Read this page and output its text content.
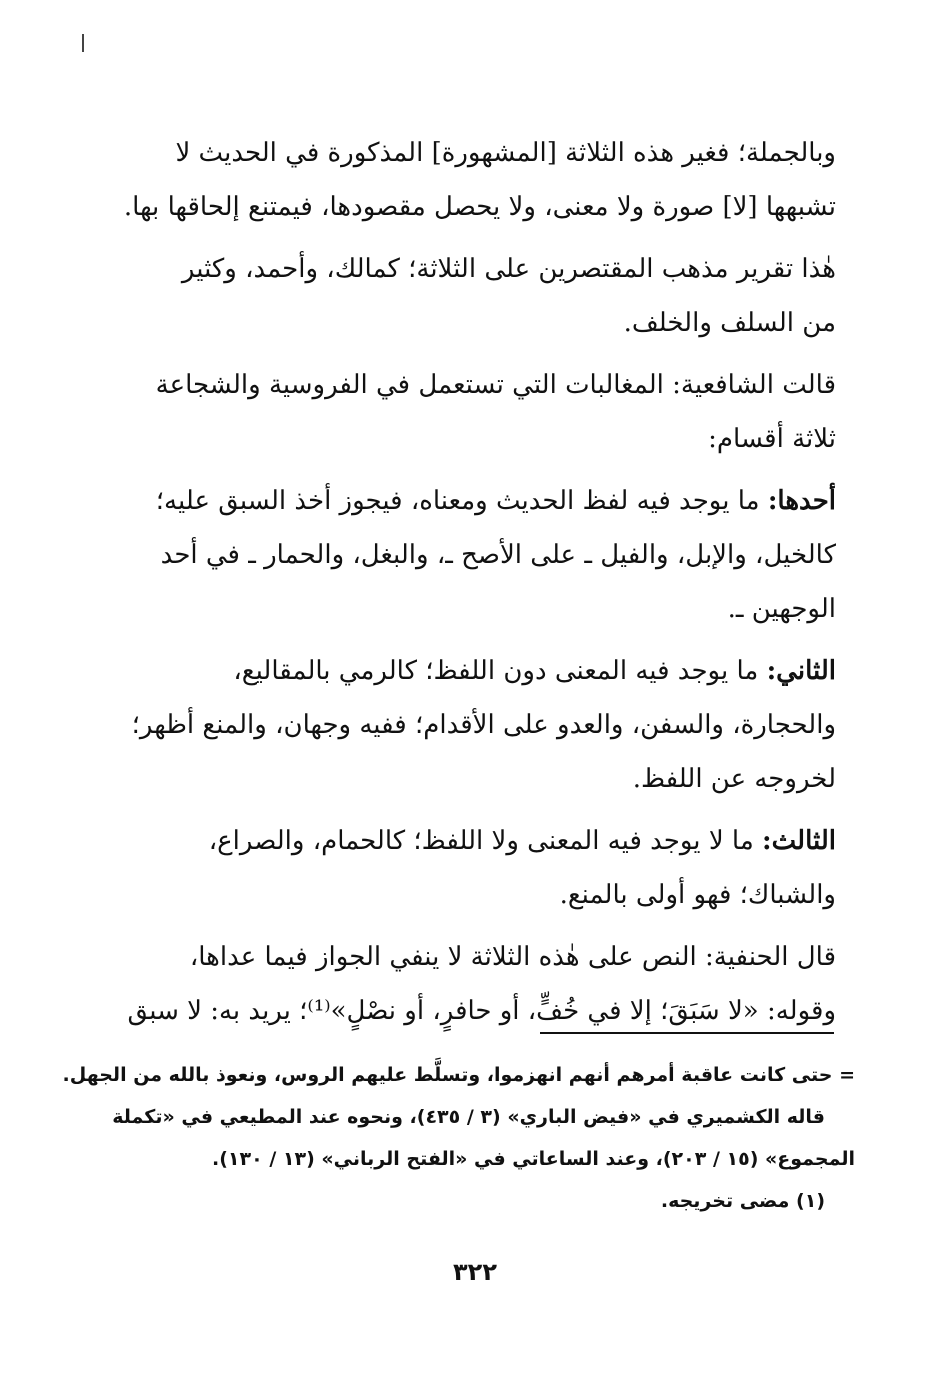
وبالجملة؛ فغير هذه الثلاثة [المشهورة] المذكورة في الحديث لا
تشبهها [لا] صورة ولا معنى، ولا يحصل مقصودها، فيمتنع إلحاقها بها.

هٰذا تقرير مذهب المقتصرين على الثلاثة؛ كمالك، وأحمد، وكثير
من السلف والخلف.

قالت الشافعية: المغالبات التي تستعمل في الفروسية والشجاعة
ثلاثة أقسام:

أحدها: ما يوجد فيه لفظ الحديث ومعناه، فيجوز أخذ السبق عليه؛
كالخيل، والإبل، والفيل ـ على الأصح ـ، والبغل، والحمار ـ في أحد
الوجهين ـ.

الثاني: ما يوجد فيه المعنى دون اللفظ؛ كالرمي بالمقاليع،
والحجارة، والسفن، والعدو على الأقدام؛ ففيه وجهان، والمنع أظهر؛
لخروجه عن اللفظ.

الثالث: ما لا يوجد فيه المعنى ولا اللفظ؛ كالحمام، والصراع،
والشباك؛ فهو أولى بالمنع.

قال الحنفية: النص على هٰذه الثلاثة لا ينفي الجواز فيما عداها،
وقوله: «لا سَبَقَ؛ إلا في خُفٍّ، أو حافرٍ، أو نصْلٍ»⁽¹⁾؛ يريد به: لا سبق

= حتى كانت عاقبة أمرهم أنهم انهزموا، وتسلَّط عليهم الروس، ونعوذ بالله من الجهل.
قاله الكشميري في «فيض الباري» (٣ / ٤٣٥)، ونحوه عند المطيعي في «تكملة
المجموع» (١٥ / ٢٠٣)، وعند الساعاتي في «الفتح الرباني» (١٣ / ١٣٠).
(١) مضى تخريجه.
٣٢٢
